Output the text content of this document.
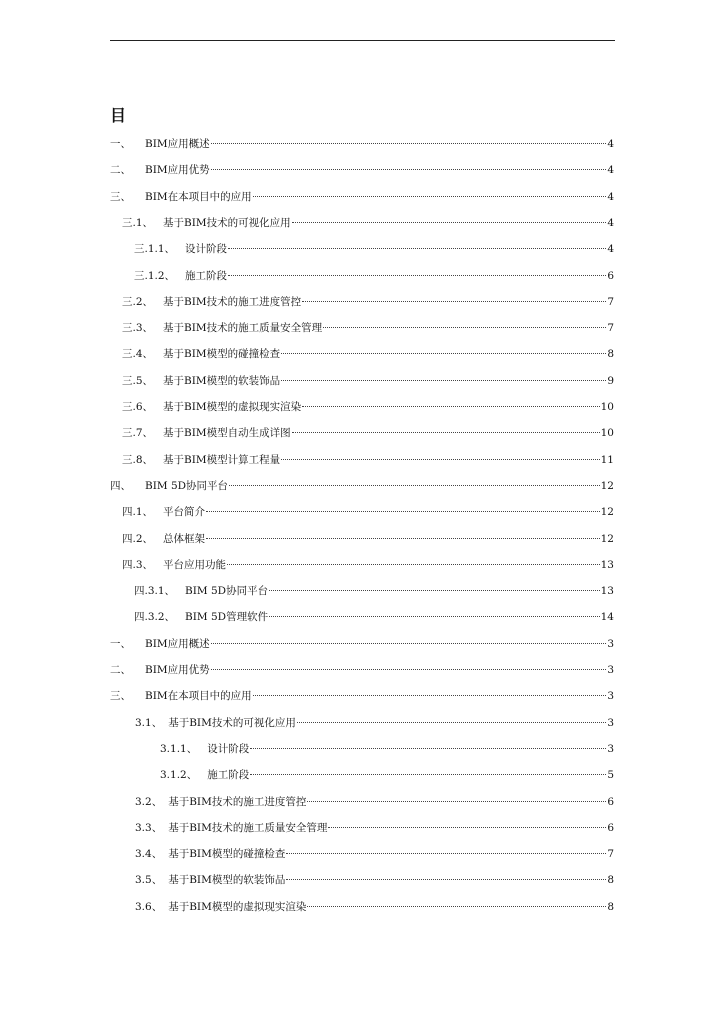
目
一、 BIM应用概述	4
二、 BIM应用优势	4
三、 BIM在本项目中的应用	4
三.1、 基于BIM技术的可视化应用	4
三.1.1、 设计阶段	4
三.1.2、 施工阶段	6
三.2、 基于BIM技术的施工进度管控	7
三.3、 基于BIM技术的施工质量安全管理	7
三.4、 基于BIM模型的碰撞检查	8
三.5、 基于BIM模型的软装饰品	9
三.6、 基于BIM模型的虚拟现实渲染	10
三.7、 基于BIM模型自动生成详图	10
三.8、 基于BIM模型计算工程量	11
四、 BIM 5D协同平台	12
四.1、 平台简介	12
四.2、 总体框架	12
四.3、 平台应用功能	13
四.3.1、 BIM 5D协同平台	13
四.3.2、 BIM 5D管理软件	14
一、 BIM应用概述	3
二、 BIM应用优势	3
三、 BIM在本项目中的应用	3
3.1、 基于BIM技术的可视化应用	3
3.1.1、 设计阶段	3
3.1.2、 施工阶段	5
3.2、 基于BIM技术的施工进度管控	6
3.3、 基于BIM技术的施工质量安全管理	6
3.4、 基于BIM模型的碰撞检查	7
3.5、 基于BIM模型的软装饰品	8
3.6、 基于BIM模型的虚拟现实渲染	8
